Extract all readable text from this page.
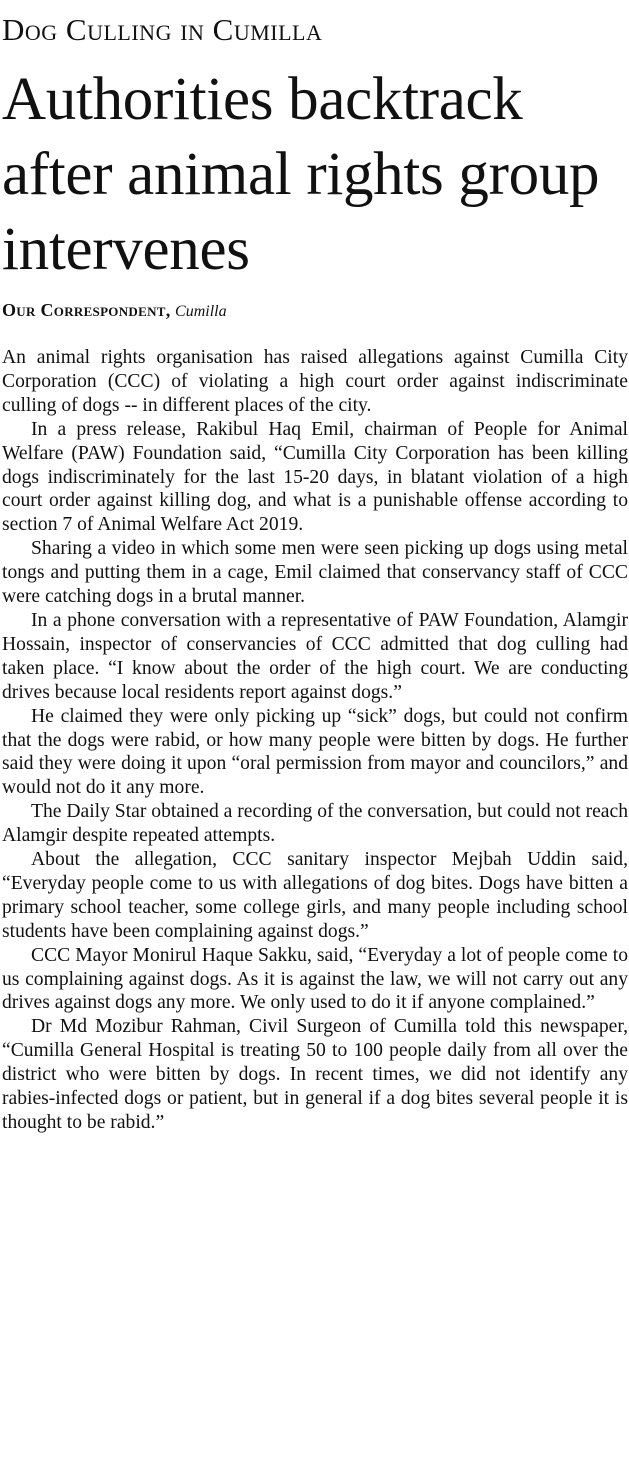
Dog Culling in Cumilla
Authorities backtrack after animal rights group intervenes
Our Correspondent, Cumilla

An animal rights organisation has raised allegations against Cumilla City Corporation (CCC) of violating a high court order against indiscriminate culling of dogs -- in different places of the city.

In a press release, Rakibul Haq Emil, chairman of People for Animal Welfare (PAW) Foundation said, “Cumilla City Corporation has been killing dogs indiscriminately for the last 15-20 days, in blatant violation of a high court order against killing dog, and what is a punishable offense according to section 7 of Animal Welfare Act 2019.

Sharing a video in which some men were seen picking up dogs using metal tongs and putting them in a cage, Emil claimed that conservancy staff of CCC were catching dogs in a brutal manner.

In a phone conversation with a representative of PAW Foundation, Alamgir Hossain, inspector of conservancies of CCC admitted that dog culling had taken place. “I know about the order of the high court. We are conducting drives because local residents report against dogs.”

He claimed they were only picking up “sick” dogs, but could not confirm that the dogs were rabid, or how many people were bitten by dogs. He further said they were doing it upon “oral permission from mayor and councilors,” and would not do it any more.

The Daily Star obtained a recording of the conversation, but could not reach Alamgir despite repeated attempts.

About the allegation, CCC sanitary inspector Mejbah Uddin said, “Everyday people come to us with allegations of dog bites. Dogs have bitten a primary school teacher, some college girls, and many people including school students have been complaining against dogs.”

CCC Mayor Monirul Haque Sakku, said, “Everyday a lot of people come to us complaining against dogs. As it is against the law, we will not carry out any drives against dogs any more. We only used to do it if anyone complained.”

Dr Md Mozibur Rahman, Civil Surgeon of Cumilla told this newspaper, “Cumilla General Hospital is treating 50 to 100 people daily from all over the district who were bitten by dogs. In recent times, we did not identify any rabies-infected dogs or patient, but in general if a dog bites several people it is thought to be rabid.”
